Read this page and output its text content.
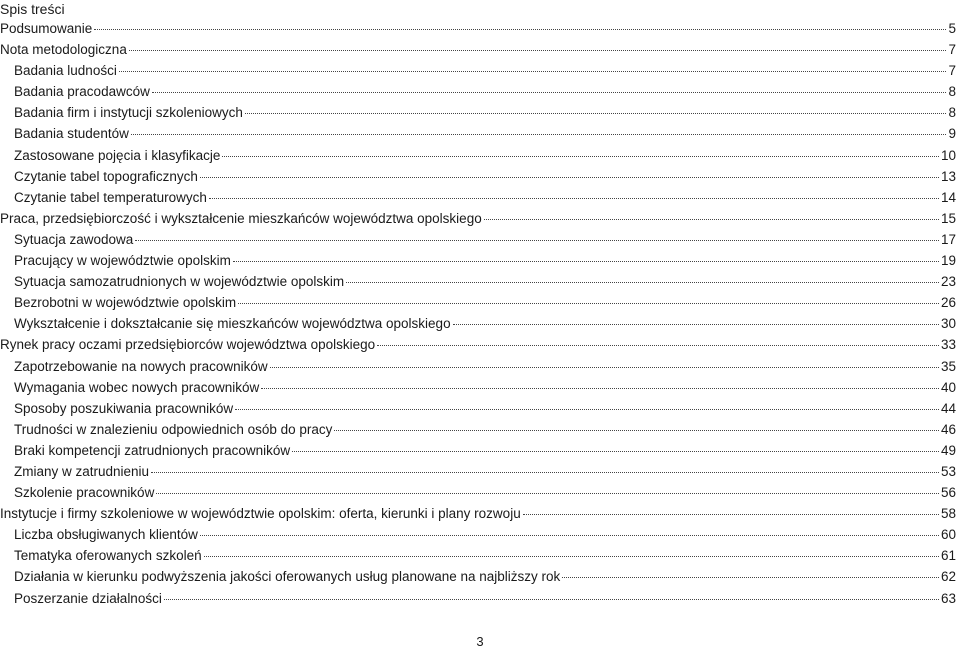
Spis treści
Podsumowanie	5
Nota metodologiczna	7
Badania ludności	7
Badania pracodawców	8
Badania firm i instytucji szkoleniowych	8
Badania studentów	9
Zastosowane pojęcia i klasyfikacje	10
Czytanie tabel topograficznych	13
Czytanie tabel temperaturowych	14
Praca, przedsiębiorczość i wykształcenie mieszkańców województwa opolskiego	15
Sytuacja zawodowa	17
Pracujący w województwie opolskim	19
Sytuacja samozatrudnionych w województwie opolskim	23
Bezrobotni w województwie opolskim	26
Wykształcenie i dokształcanie się mieszkańców województwa opolskiego	30
Rynek pracy oczami przedsiębiorców województwa opolskiego	33
Zapotrzebowanie na nowych pracowników	35
Wymagania wobec nowych pracowników	40
Sposoby poszukiwania pracowników	44
Trudności w znalezieniu odpowiednich osób do pracy	46
Braki kompetencji zatrudnionych pracowników	49
Zmiany w zatrudnieniu	53
Szkolenie pracowników	56
Instytucje i firmy szkoleniowe w województwie opolskim: oferta, kierunki i plany rozwoju	58
Liczba obsługiwanych klientów	60
Tematyka oferowanych szkoleń	61
Działania w kierunku podwyższenia jakości oferowanych usług planowane na najbliższy rok	62
Poszerzanie działalności	63
3
